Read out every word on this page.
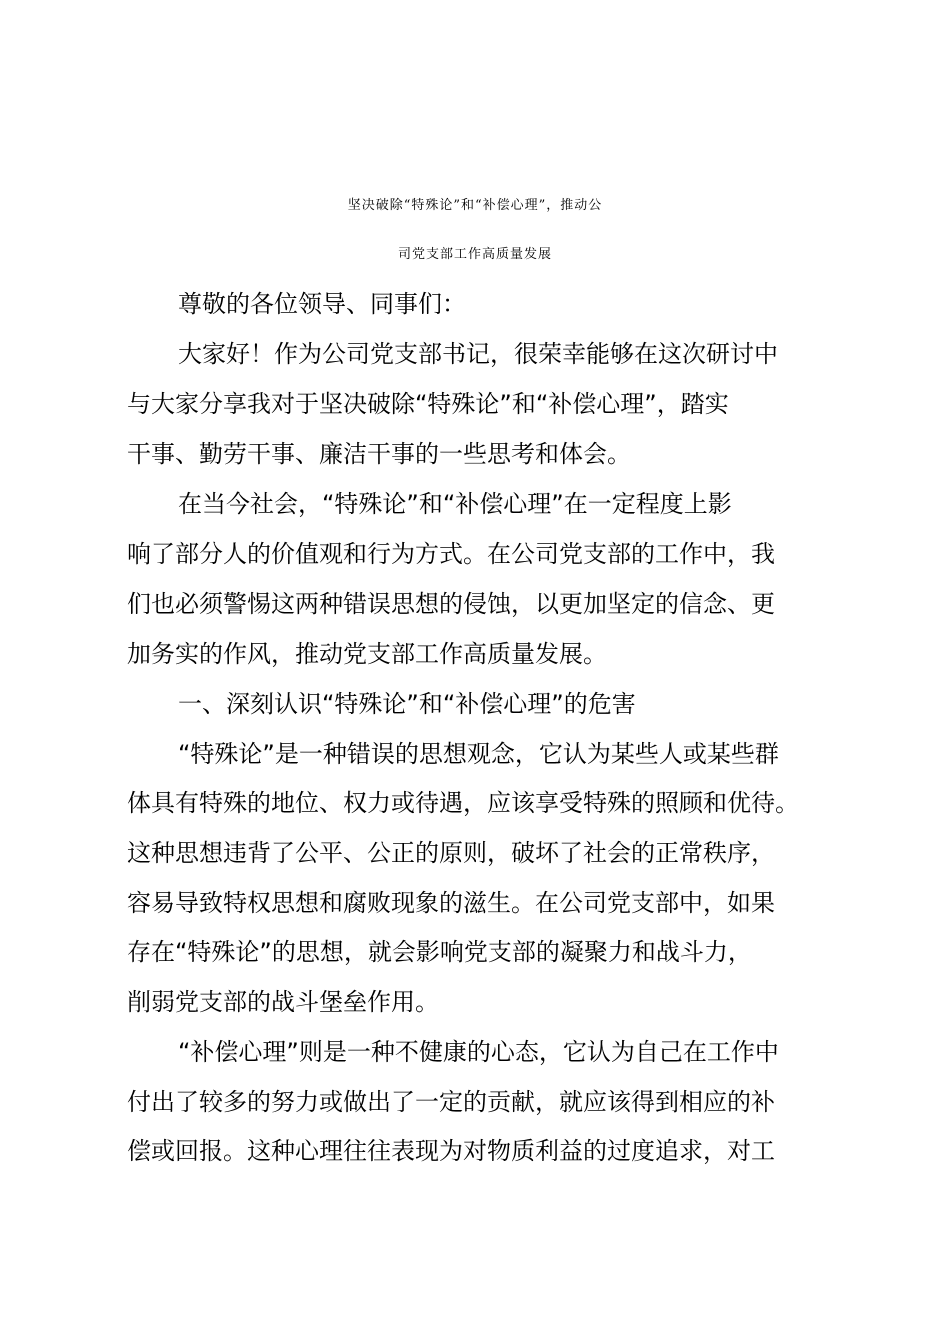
坚决破除“特殊论”和“补偿心理”，推动公
司党支部工作高质量发展
尊敬的各位领导、同事们：
大家好！作为公司党支部书记，很荣幸能够在这次研讨中
与大家分享我对于坚决破除“特殊论”和“补偿心理”，踏实
干事、勤劳干事、廉洁干事的一些思考和体会。
在当今社会，“特殊论”和“补偿心理”在一定程度上影
响了部分人的价值观和行为方式。在公司党支部的工作中，我
们也必须警惕这两种错误思想的侵蚀，以更加坚定的信念、更
加务实的作风，推动党支部工作高质量发展。
一、深刻认识“特殊论”和“补偿心理”的危害
“特殊论”是一种错误的思想观念，它认为某些人或某些群
体具有特殊的地位、权力或待遇，应该享受特殊的照顾和优待。
这种思想违背了公平、公正的原则，破坏了社会的正常秩序，
容易导致特权思想和腐败现象的滋生。在公司党支部中，如果
存在“特殊论”的思想，就会影响党支部的凝聚力和战斗力，
削弱党支部的战斗堡垒作用。
“补偿心理”则是一种不健康的心态，它认为自己在工作中
付出了较多的努力或做出了一定的贡献，就应该得到相应的补
偿或回报。这种心理往往表现为对物质利益的过度追求，对工
